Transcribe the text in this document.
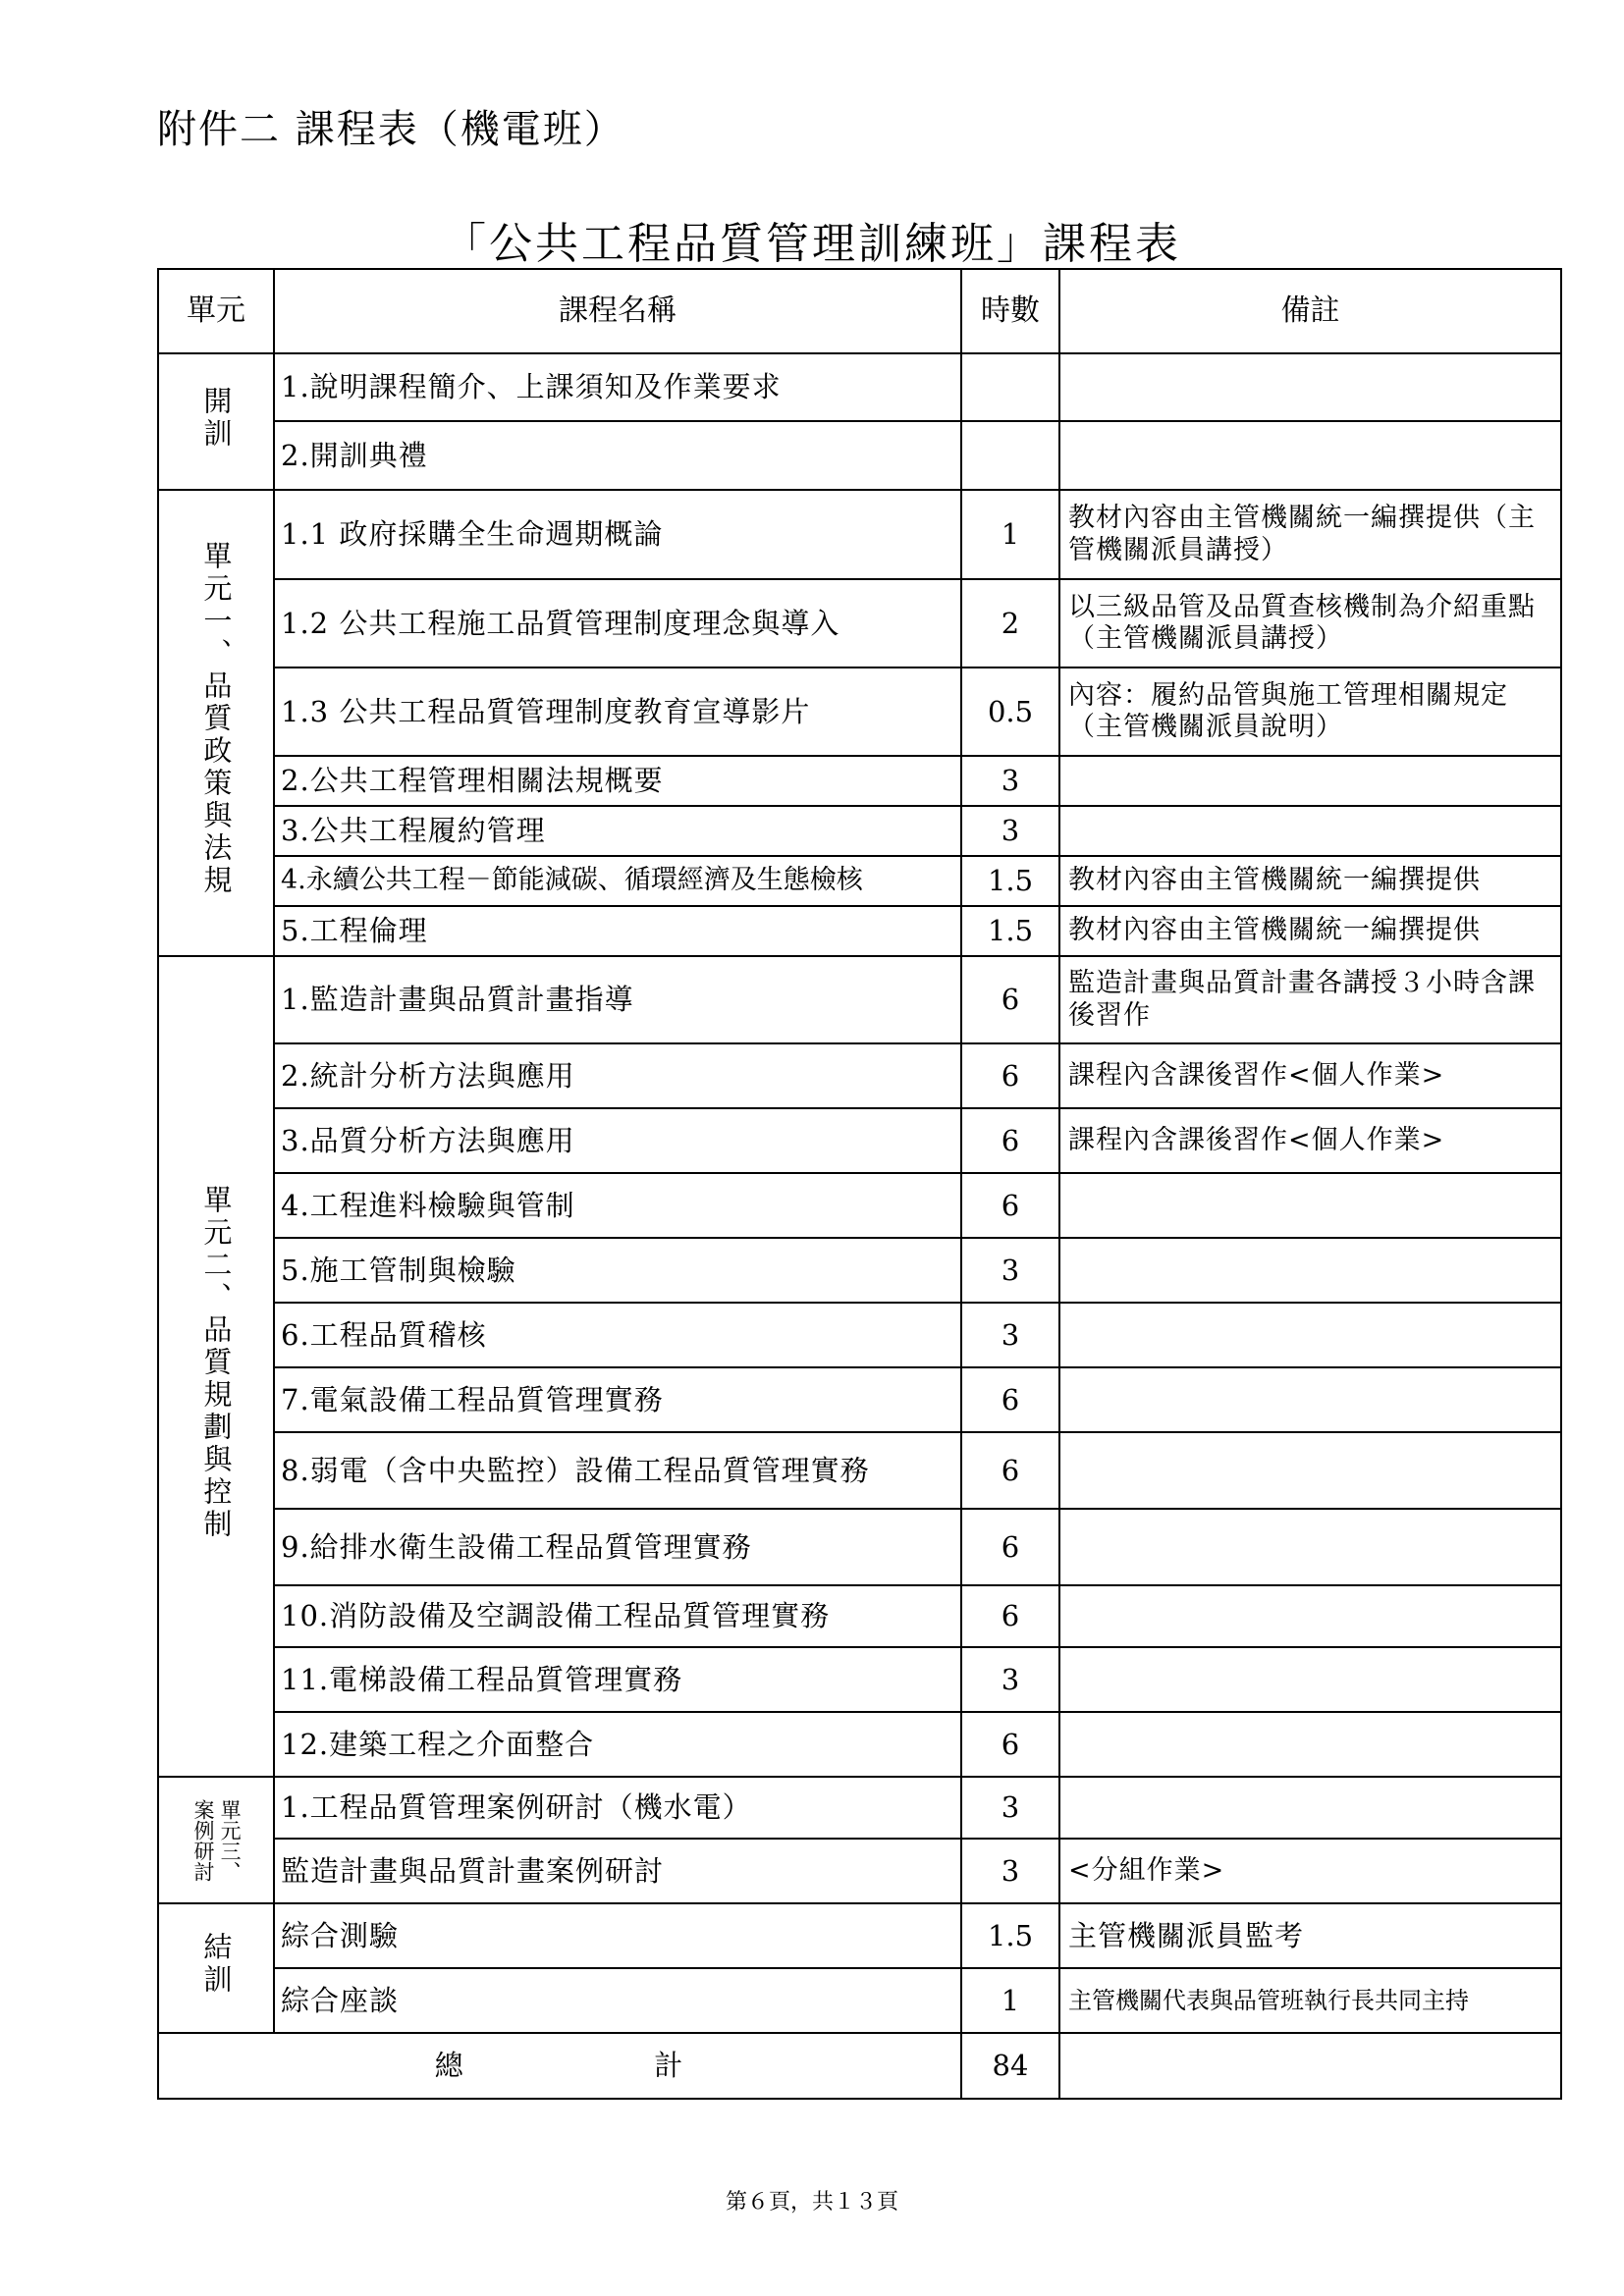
附件二 課程表（機電班）
「公共工程品質管理訓練班」課程表
單元	課程名稱	時數	備註
開訓	1.說明課程簡介、上課須知及作業要求		
	2.開訓典禮		
單元一、品質政策與法規	1.1 政府採購全生命週期概論	1	教材內容由主管機關統一編撰提供（主管機關派員講授）
	1.2 公共工程施工品質管理制度理念與導入	2	以三級品管及品質查核機制為介紹重點（主管機關派員講授）
	1.3 公共工程品質管理制度教育宣導影片	0.5	內容：履約品管與施工管理相關規定（主管機關派員說明）
	2.公共工程管理相關法規概要	3	
	3.公共工程履約管理	3	
	4.永續公共工程－節能減碳、循環經濟及生態檢核	1.5	教材內容由主管機關統一編撰提供
	5.工程倫理	1.5	教材內容由主管機關統一編撰提供
單元二、品質規劃與控制	1.監造計畫與品質計畫指導	6	監造計畫與品質計畫各講授３小時含課後習作
	2.統計分析方法與應用	6	課程內含課後習作<個人作業>
	3.品質分析方法與應用	6	課程內含課後習作<個人作業>
	4.工程進料檢驗與管制	6	
	5.施工管制與檢驗	3	
	6.工程品質稽核	3	
	7.電氣設備工程品質管理實務	6	
	8.弱電（含中央監控）設備工程品質管理實務	6	
	9.給排水衛生設備工程品質管理實務	6	
	10.消防設備及空調設備工程品質管理實務	6	
	11.電梯設備工程品質管理實務	3	
	12.建築工程之介面整合	6	

單元三、
案例研討	1.工程品質管理案例研討（機水電）	3	
	監造計畫與品質計畫案例研討	3	<分組作業>
結訓	綜合測驗	1.5	主管機關派員監考
	綜合座談	1	主管機關代表與品管班執行長共同主持
總 計		84	
第６頁，共１３頁
